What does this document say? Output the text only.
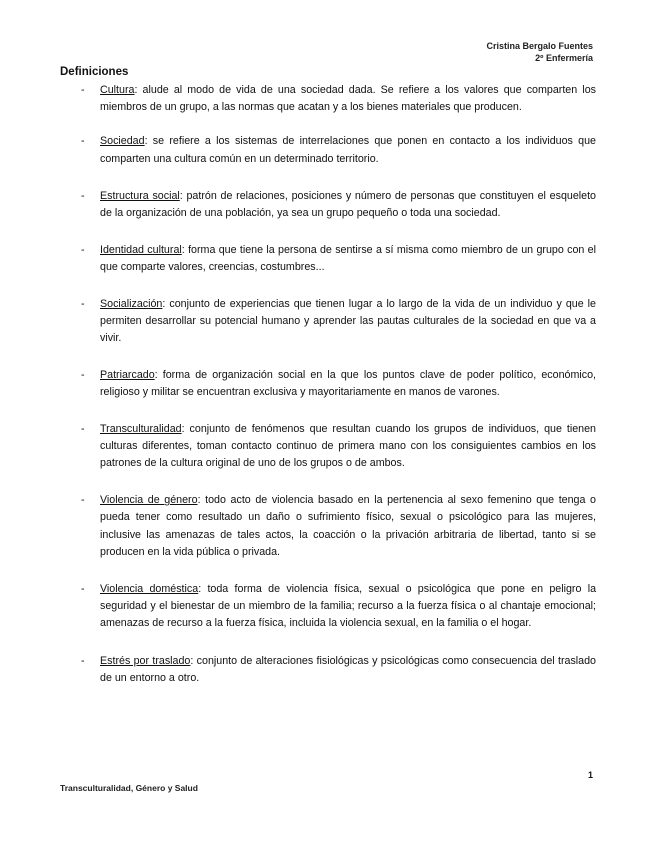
Cristina Bergalo Fuentes
2º Enfermería
Definiciones
- Cultura: alude al modo de vida de una sociedad dada. Se refiere a los valores que comparten los miembros de un grupo, a las normas que acatan y a los bienes materiales que producen.
- Sociedad: se refiere a los sistemas de interrelaciones que ponen en contacto a los individuos que comparten una cultura común en un determinado territorio.
- Estructura social: patrón de relaciones, posiciones y número de personas que constituyen el esqueleto de la organización de una población, ya sea un grupo pequeño o toda una sociedad.
- Identidad cultural: forma que tiene la persona de sentirse a sí misma como miembro de un grupo con el que comparte valores, creencias, costumbres...
- Socialización: conjunto de experiencias que tienen lugar a lo largo de la vida de un individuo y que le permiten desarrollar su potencial humano y aprender las pautas culturales de la sociedad en que va a vivir.
- Patriarcado: forma de organización social en la que los puntos clave de poder político, económico, religioso y militar se encuentran exclusiva y mayoritariamente en manos de varones.
- Transculturalidad: conjunto de fenómenos que resultan cuando los grupos de individuos, que tienen culturas diferentes, toman contacto continuo de primera mano con los consiguientes cambios en los patrones de la cultura original de uno de los grupos o de ambos.
- Violencia de género: todo acto de violencia basado en la pertenencia al sexo femenino que tenga o pueda tener como resultado un daño o sufrimiento físico, sexual o psicológico para las mujeres, inclusive las amenazas de tales actos, la coacción o la privación arbitraria de libertad, tanto si se producen en la vida pública o privada.
- Violencia doméstica: toda forma de violencia física, sexual o psicológica que pone en peligro la seguridad y el bienestar de un miembro de la familia; recurso a la fuerza física o al chantaje emocional; amenazas de recurso a la fuerza física, incluida la violencia sexual, en la familia o el hogar.
- Estrés por traslado: conjunto de alteraciones fisiológicas y psicológicas como consecuencia del traslado de un entorno a otro.
1
Transculturalidad, Género y Salud
